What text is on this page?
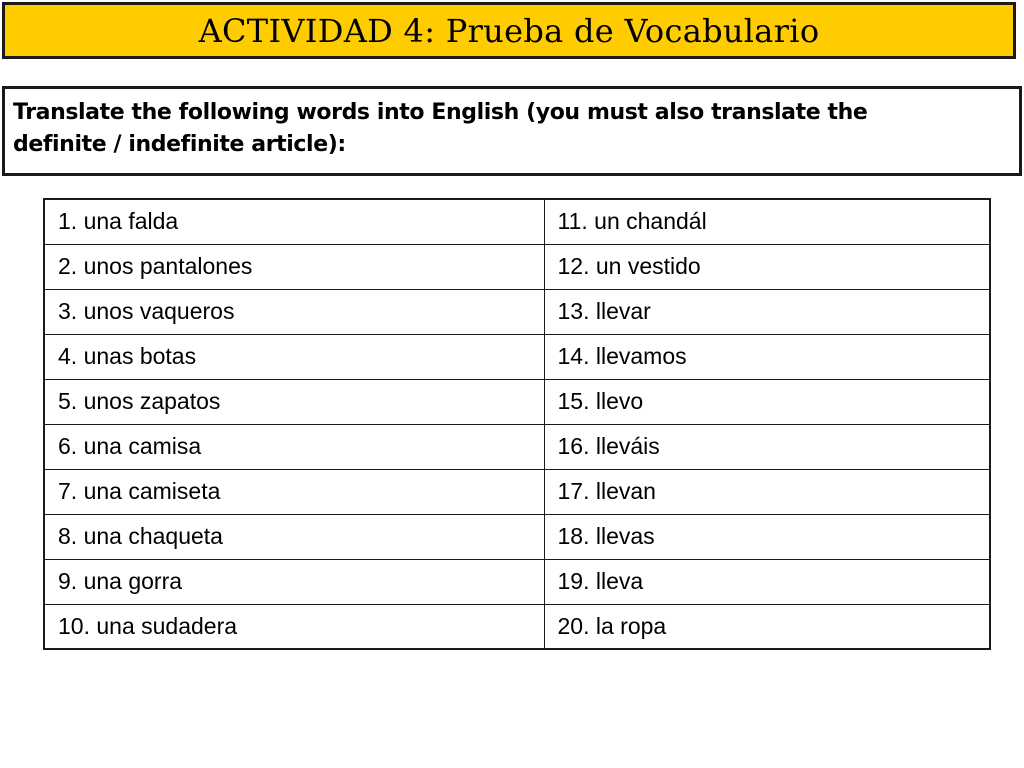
ACTIVIDAD 4: Prueba de Vocabulario
Translate the following words into English (you must also translate the
definite / indefinite article):
1. una falda	11. un chandál
2. unos pantalones	12. un vestido
3. unos vaqueros	13. llevar
4. unas botas	14. llevamos
5. unos zapatos	15. llevo
6. una camisa	16. lleváis
7. una camiseta	17. llevan
8. una chaqueta	18. llevas
9. una gorra	19. lleva
10. una sudadera	20. la ropa
